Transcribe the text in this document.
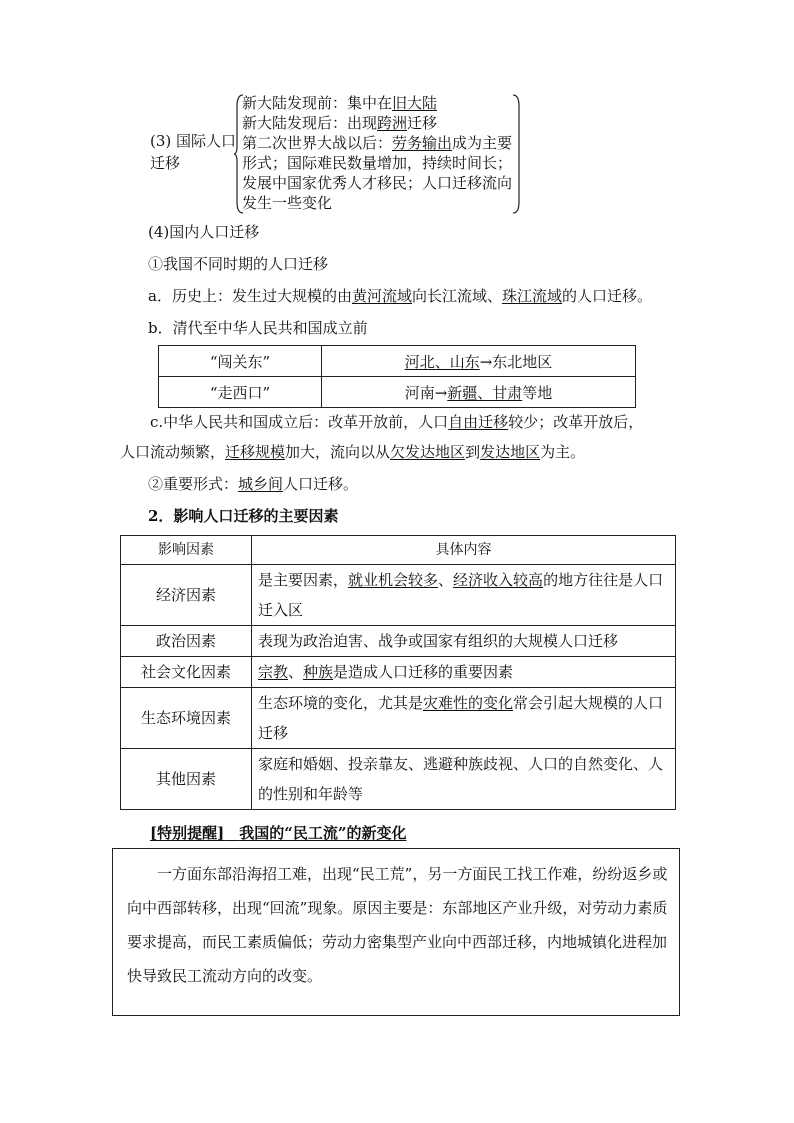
(3) 国际人口迁移
新大陆发现前：集中在旧大陆
新大陆发现后：出现跨洲迁移
第二次世界大战以后：劳务输出成为主要形式；国际难民数量增加，持续时间长；发展中国家优秀人才移民；人口迁移流向发生一些变化
(4)国内人口迁移
①我国不同时期的人口迁移
a．历史上：发生过大规模的由黄河流域向长江流域、珠江流域的人口迁移。
b．清代至中华人民共和国成立前
“闯关东”	河北、山东→东北地区
“走西口”	河南→新疆、甘肃等地
c.中华人民共和国成立后：改革开放前，人口自由迁移较少；改革开放后，
人口流动频繁，迁移规模加大，流向以从欠发达地区到发达地区为主。
②重要形式：城乡间人口迁移。
2．影响人口迁移的主要因素
影响因素	具体内容
经济因素	是主要因素，就业机会较多、经济收入较高的地方往往是人口迁入区
政治因素	表现为政治迫害、战争或国家有组织的大规模人口迁移
社会文化因素	宗教、种族是造成人口迁移的重要因素
生态环境因素	生态环境的变化，尤其是灾难性的变化常会引起大规模的人口迁移
其他因素	家庭和婚姻、投亲靠友、逃避种族歧视、人口的自然变化、人的性别和年龄等
[特别提醒]　 我国的“民工流”的新变化
一方面东部沿海招工难，出现“民工荒”，另一方面民工找工作难，纷纷返乡或向中西部转移，出现“回流”现象。原因主要是：东部地区产业升级，对劳动力素质要求提高，而民工素质偏低；劳动力密集型产业向中西部迁移，内地城镇化进程加快导致民工流动方向的改变。
